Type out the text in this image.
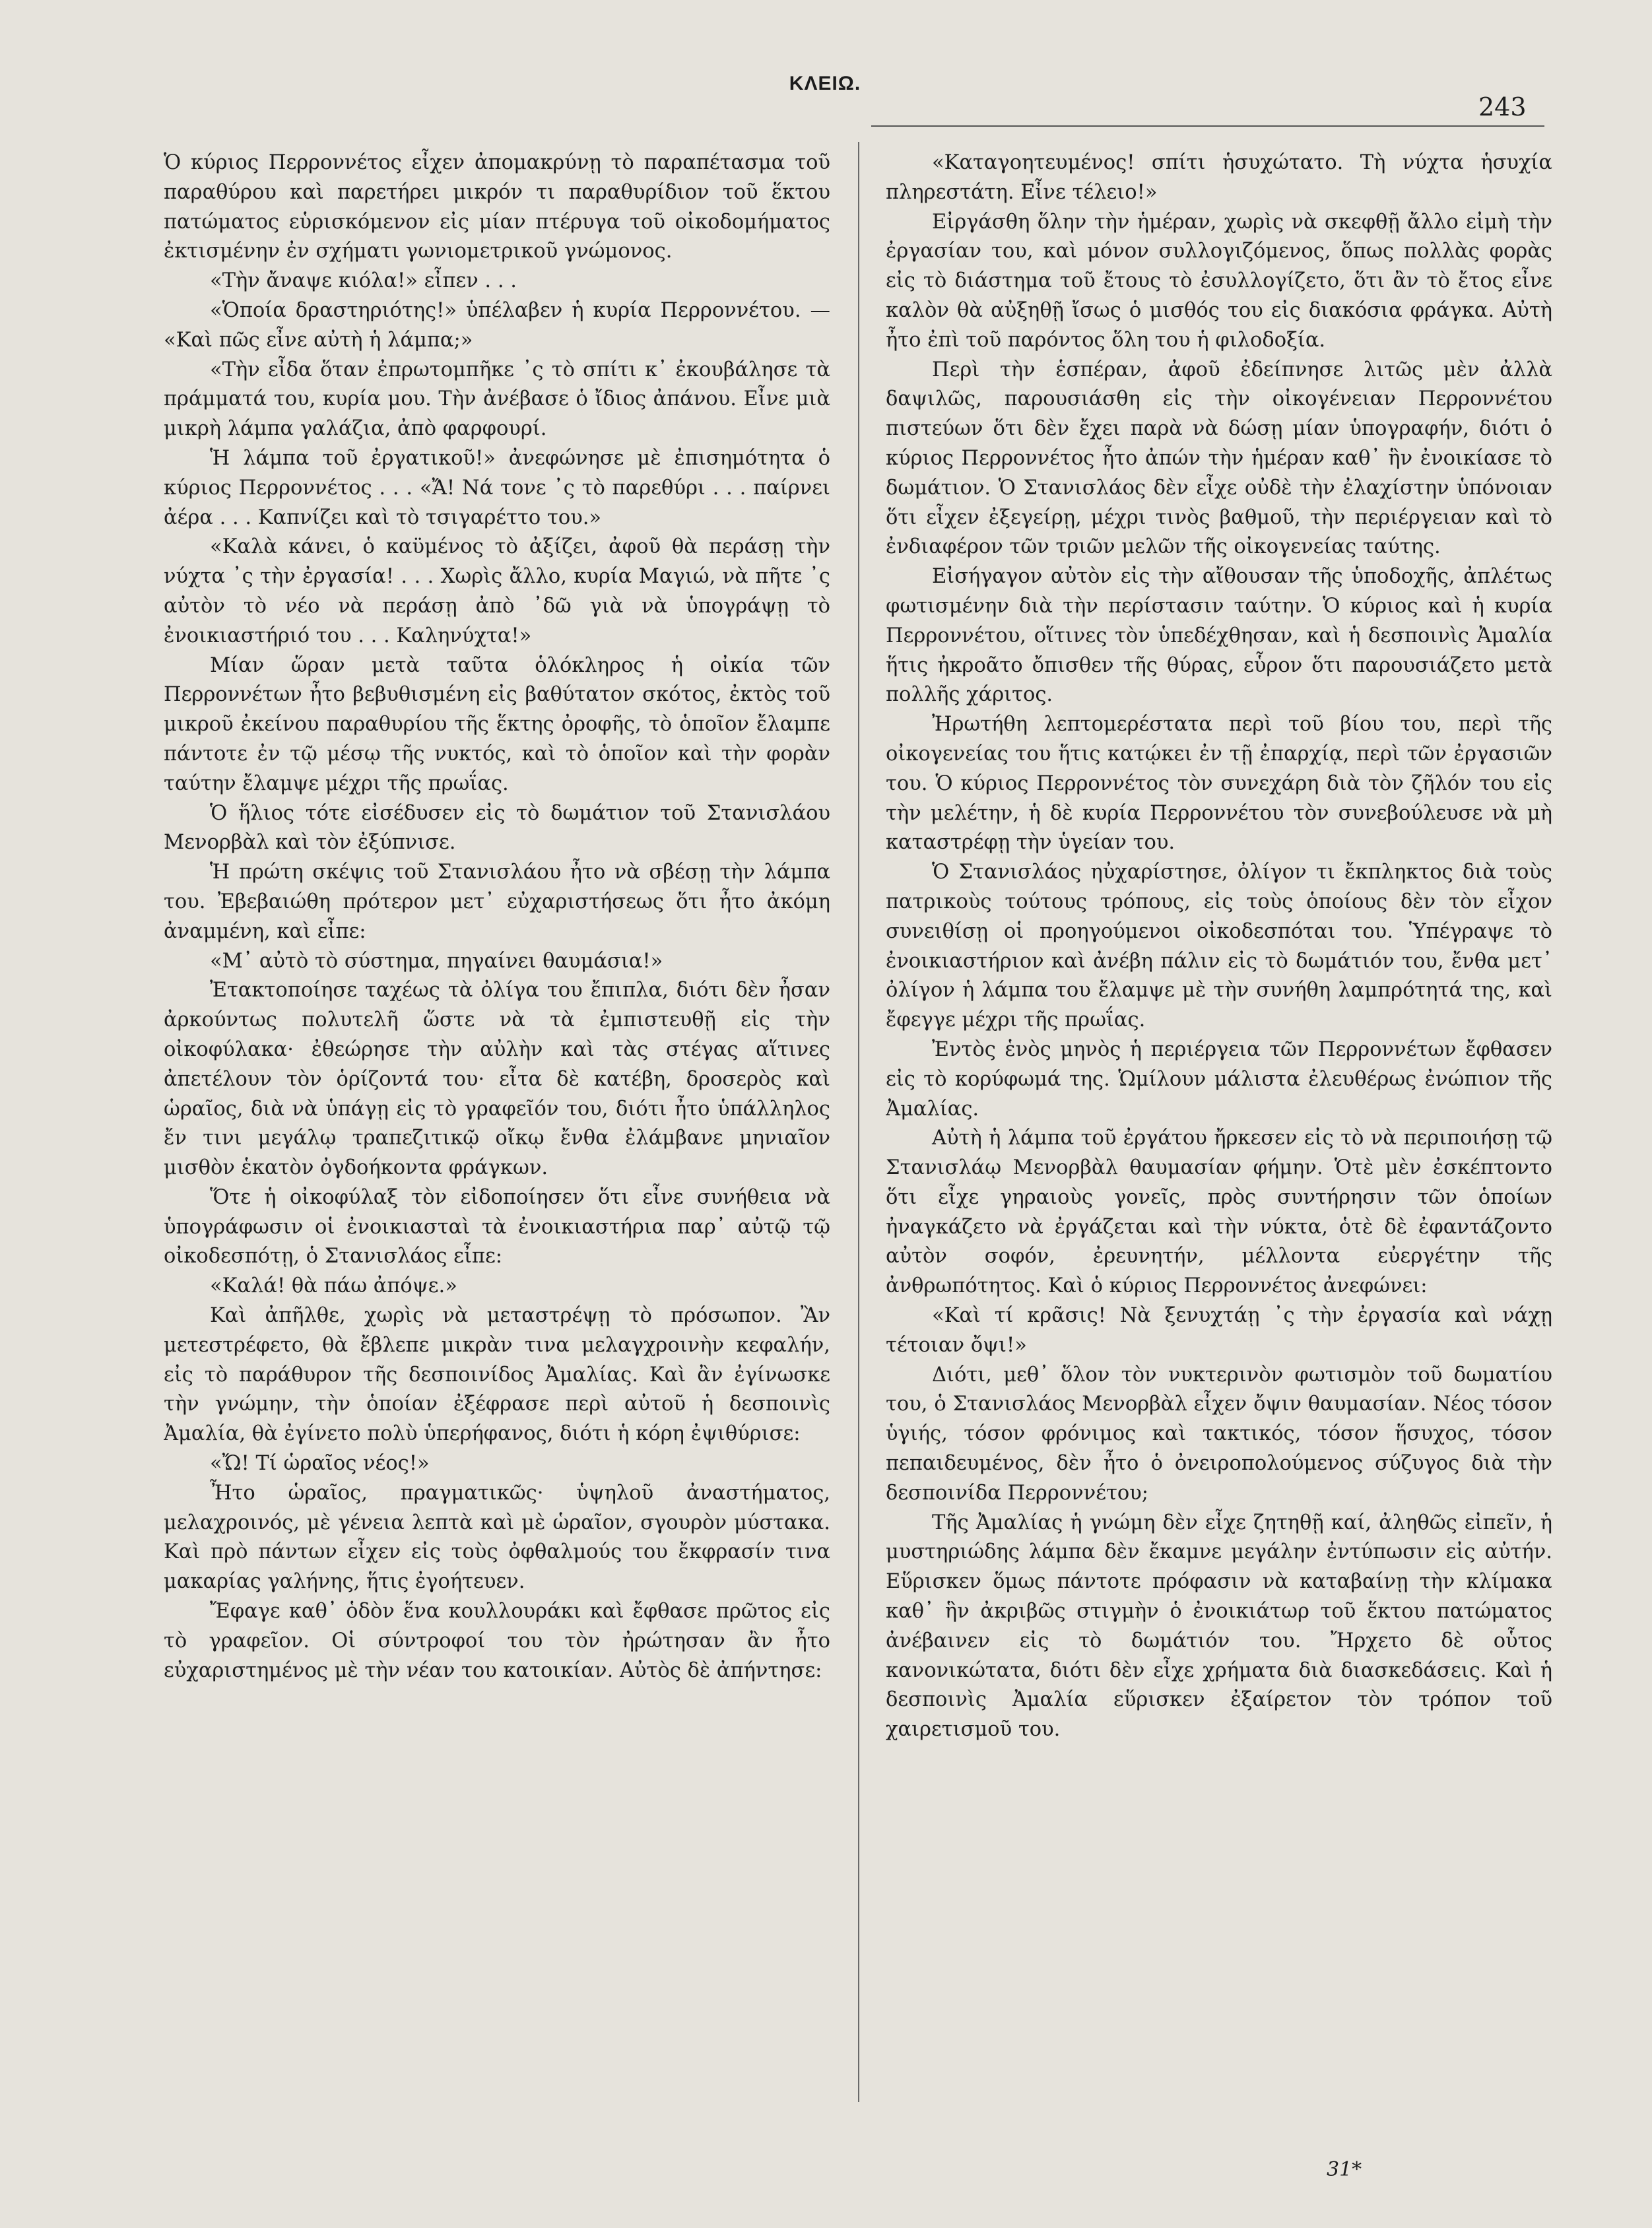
ΚΛΕΙΩ.
243

Ὁ κύριος Περροννέτος εἶχεν ἀπομακρύνῃ τὸ παραπέτασμα τοῦ παραθύρου καὶ παρετήρει μικρόν τι παραθυρίδιον τοῦ ἕκτου πατώματος εὑρισκόμενον εἰς μίαν πτέρυγα τοῦ οἰκοδομήματος ἐκτισμένην ἐν σχήματι γωνιομετρικοῦ γνώμονος.

«Τὴν ἄναψε κιόλα!» εἶπεν . . .

«Ὁποία δραστηριότης!» ὑπέλαβεν ἡ κυρία Περροννέτου. — «Καὶ πῶς εἶνε αὐτὴ ἡ λάμπα;»

«Τὴν εἶδα ὅταν ἐπρωτομπῆκε ᾽ς τὸ σπίτι κ᾽ ἐκουβάλησε τὰ πράμματά του, κυρία μου. Τὴν ἀνέβασε ὁ ἴδιος ἀπάνου. Εἶνε μιὰ μικρὴ λάμπα γαλάζια, ἀπὸ φαρφουρί.

Ἡ λάμπα τοῦ ἐργατικοῦ!» ἀνεφώνησε μὲ ἐπισημότητα ὁ κύριος Περροννέτος . . . «Ἄ! Νά τονε ᾽ς τὸ παρεθύρι . . . παίρνει ἀέρα . . . Καπνίζει καὶ τὸ τσιγαρέττο του.»

«Καλὰ κάνει, ὁ καϋμένος τὸ ἀξίζει, ἀφοῦ θὰ περάσῃ τὴν νύχτα ᾽ς τὴν ἐργασία! . . . Χωρὶς ἄλλο, κυρία Μαγιώ, νὰ πῆτε ᾽ς αὐτὸν τὸ νέο νὰ περάσῃ ἀπὸ ᾽δῶ γιὰ νὰ ὑπογράψῃ τὸ ἐνοικιαστήριό του . . . Καληνύχτα!»

Μίαν ὥραν μετὰ ταῦτα ὁλόκληρος ἡ οἰκία τῶν Περροννέτων ἦτο βεβυθισμένη εἰς βαθύτατον σκότος, ἐκτὸς τοῦ μικροῦ ἐκείνου παραθυρίου τῆς ἕκτης ὀροφῆς, τὸ ὁποῖον ἔλαμπε πάντοτε ἐν τῷ μέσῳ τῆς νυκτός, καὶ τὸ ὁποῖον καὶ τὴν φορὰν ταύτην ἔλαμψε μέχρι τῆς πρωΐας.

Ὁ ἥλιος τότε εἰσέδυσεν εἰς τὸ δωμάτιον τοῦ Στανισλάου Μενορβὰλ καὶ τὸν ἐξύπνισε.

Ἡ πρώτη σκέψις τοῦ Στανισλάου ἦτο νὰ σβέσῃ τὴν λάμπα του. Ἐβεβαιώθη πρότερον μετ᾽ εὐχαριστήσεως ὅτι ἦτο ἀκόμη ἀναμμένη, καὶ εἶπε:

«Μ᾽ αὐτὸ τὸ σύστημα, πηγαίνει θαυμάσια!»

Ἐτακτοποίησε ταχέως τὰ ὀλίγα του ἔπιπλα, διότι δὲν ἦσαν ἀρκούντως πολυτελῆ ὥστε νὰ τὰ ἐμπιστευθῇ εἰς τὴν οἰκοφύλακα· ἐθεώρησε τὴν αὐλὴν καὶ τὰς στέγας αἵτινες ἀπετέλουν τὸν ὁρίζοντά του· εἶτα δὲ κατέβη, δροσερὸς καὶ ὡραῖος, διὰ νὰ ὑπάγῃ εἰς τὸ γραφεῖόν του, διότι ἦτο ὑπάλληλος ἔν τινι μεγάλῳ τραπεζιτικῷ οἴκῳ ἔνθα ἐλάμβανε μηνιαῖον μισθὸν ἑκατὸν ὀγδοήκοντα φράγκων.

Ὅτε ἡ οἰκοφύλαξ τὸν εἰδοποίησεν ὅτι εἶνε συνήθεια νὰ ὑπογράφωσιν οἱ ἐνοικιασταὶ τὰ ἐνοικιαστήρια παρ᾽ αὐτῷ τῷ οἰκοδεσπότῃ, ὁ Στανισλάος εἶπε:

«Καλά! θὰ πάω ἀπόψε.»

Καὶ ἀπῆλθε, χωρὶς νὰ μεταστρέψῃ τὸ πρόσωπον. Ἂν μετεστρέφετο, θὰ ἔβλεπε μικρὰν τινα μελαγχροινὴν κεφαλήν, εἰς τὸ παράθυρον τῆς δεσποινίδος Ἀμαλίας. Καὶ ἂν ἐγίνωσκε τὴν γνώμην, τὴν ὁποίαν ἐξέφρασε περὶ αὐτοῦ ἡ δεσποινὶς Ἀμαλία, θὰ ἐγίνετο πολὺ ὑπερήφανος, διότι ἡ κόρη ἐψιθύρισε:

«Ὤ! Τί ὡραῖος νέος!»

Ἦτο ὡραῖος, πραγματικῶς· ὑψηλοῦ ἀναστήματος, μελαχροινός, μὲ γένεια λεπτὰ καὶ μὲ ὡραῖον, σγουρὸν μύστακα. Καὶ πρὸ πάντων εἶχεν εἰς τοὺς ὀφθαλμούς του ἔκφρασίν τινα μακαρίας γαλήνης, ἥτις ἐγοήτευεν.

Ἔφαγε καθ᾽ ὁδὸν ἕνα κουλλουράκι καὶ ἔφθασε πρῶτος εἰς τὸ γραφεῖον. Οἱ σύντροφοί του τὸν ἠρώτησαν ἂν ἦτο εὐχαριστημένος μὲ τὴν νέαν του κατοικίαν. Αὐτὸς δὲ ἀπήντησε:

«Καταγοητευμένος! σπίτι ἡσυχώτατο. Τὴ νύχτα ἡσυχία πληρεστάτη. Εἶνε τέλειο!»

Εἰργάσθη ὅλην τὴν ἡμέραν, χωρὶς νὰ σκεφθῇ ἄλλο εἰμὴ τὴν ἐργασίαν του, καὶ μόνον συλλογιζόμενος, ὅπως πολλὰς φορὰς εἰς τὸ διάστημα τοῦ ἔτους τὸ ἐσυλλογίζετο, ὅτι ἂν τὸ ἔτος εἶνε καλὸν θὰ αὐξηθῇ ἴσως ὁ μισθός του εἰς διακόσια φράγκα. Αὐτὴ ἦτο ἐπὶ τοῦ παρόντος ὅλη του ἡ φιλοδοξία.

Περὶ τὴν ἑσπέραν, ἀφοῦ ἐδείπνησε λιτῶς μὲν ἀλλὰ δαψιλῶς, παρουσιάσθη εἰς τὴν οἰκογένειαν Περροννέτου πιστεύων ὅτι δὲν ἔχει παρὰ νὰ δώσῃ μίαν ὑπογραφήν, διότι ὁ κύριος Περροννέτος ἦτο ἀπών τὴν ἡμέραν καθ᾽ ἣν ἐνοικίασε τὸ δωμάτιον. Ὁ Στανισλάος δὲν εἶχε οὐδὲ τὴν ἐλαχίστην ὑπόνοιαν ὅτι εἶχεν ἐξεγείρῃ, μέχρι τινὸς βαθμοῦ, τὴν περιέργειαν καὶ τὸ ἐνδιαφέρον τῶν τριῶν μελῶν τῆς οἰκογενείας ταύτης.

Εἰσήγαγον αὐτὸν εἰς τὴν αἴθουσαν τῆς ὑποδοχῆς, ἀπλέτως φωτισμένην διὰ τὴν περίστασιν ταύτην. Ὁ κύριος καὶ ἡ κυρία Περροννέτου, οἵτινες τὸν ὑπεδέχθησαν, καὶ ἡ δεσποινὶς Ἀμαλία ἥτις ἠκροᾶτο ὄπισθεν τῆς θύρας, εὗρον ὅτι παρουσιάζετο μετὰ πολλῆς χάριτος.

Ἠρωτήθη λεπτομερέστατα περὶ τοῦ βίου του, περὶ τῆς οἰκογενείας του ἥτις κατῴκει ἐν τῇ ἐπαρχίᾳ, περὶ τῶν ἐργασιῶν του. Ὁ κύριος Περροννέτος τὸν συνεχάρη διὰ τὸν ζῆλόν του εἰς τὴν μελέτην, ἡ δὲ κυρία Περροννέτου τὸν συνεβούλευσε νὰ μὴ καταστρέφῃ τὴν ὑγείαν του.

Ὁ Στανισλάος ηὐχαρίστησε, ὀλίγον τι ἔκπληκτος διὰ τοὺς πατρικοὺς τούτους τρόπους, εἰς τοὺς ὁποίους δὲν τὸν εἶχον συνειθίσῃ οἱ προηγούμενοι οἰκοδεσπόται του. Ὑπέγραψε τὸ ἐνοικιαστήριον καὶ ἀνέβη πάλιν εἰς τὸ δωμάτιόν του, ἔνθα μετ᾽ ὀλίγον ἡ λάμπα του ἔλαμψε μὲ τὴν συνήθη λαμπρότητά της, καὶ ἔφεγγε μέχρι τῆς πρωΐας.

Ἐντὸς ἑνὸς μηνὸς ἡ περιέργεια τῶν Περροννέτων ἔφθασεν εἰς τὸ κορύφωμά της. Ὡμίλουν μάλιστα ἐλευθέρως ἐνώπιον τῆς Ἀμαλίας.

Αὐτὴ ἡ λάμπα τοῦ ἐργάτου ἤρκεσεν εἰς τὸ νὰ περιποιήσῃ τῷ Στανισλάῳ Μενορβὰλ θαυμασίαν φήμην. Ὁτὲ μὲν ἐσκέπτοντο ὅτι εἶχε γηραιοὺς γονεῖς, πρὸς συντήρησιν τῶν ὁποίων ἠναγκάζετο νὰ ἐργάζεται καὶ τὴν νύκτα, ὁτὲ δὲ ἐφαντάζοντο αὐτὸν σοφόν, ἐρευνητήν, μέλλοντα εὐεργέτην τῆς ἀνθρωπότητος. Καὶ ὁ κύριος Περροννέτος ἀνεφώνει:

«Καὶ τί κρᾶσις! Νὰ ξενυχτάῃ ᾽ς τὴν ἐργασία καὶ νάχῃ τέτοιαν ὄψι!»

Διότι, μεθ᾽ ὅλον τὸν νυκτερινὸν φωτισμὸν τοῦ δωματίου του, ὁ Στανισλάος Μενορβὰλ εἶχεν ὄψιν θαυμασίαν. Νέος τόσον ὑγιής, τόσον φρόνιμος καὶ τακτικός, τόσον ἥσυχος, τόσον πεπαιδευμένος, δὲν ἦτο ὁ ὀνειροπολούμενος σύζυγος διὰ τὴν δεσποινίδα Περροννέτου;

Τῆς Ἀμαλίας ἡ γνώμη δὲν εἶχε ζητηθῇ καί, ἀληθῶς εἰπεῖν, ἡ μυστηριώδης λάμπα δὲν ἔκαμνε μεγάλην ἐντύπωσιν εἰς αὐτήν. Εὕρισκεν ὅμως πάντοτε πρόφασιν νὰ καταβαίνῃ τὴν κλίμακα καθ᾽ ἣν ἀκριβῶς στιγμὴν ὁ ἐνοικιάτωρ τοῦ ἕκτου πατώματος ἀνέβαινεν εἰς τὸ δωμάτιόν του. Ἤρχετο δὲ οὗτος κανονικώτατα, διότι δὲν εἶχε χρήματα διὰ διασκεδάσεις. Καὶ ἡ δεσποινὶς Ἀμαλία εὕρισκεν ἐξαίρετον τὸν τρόπον τοῦ χαιρετισμοῦ του.

31*
